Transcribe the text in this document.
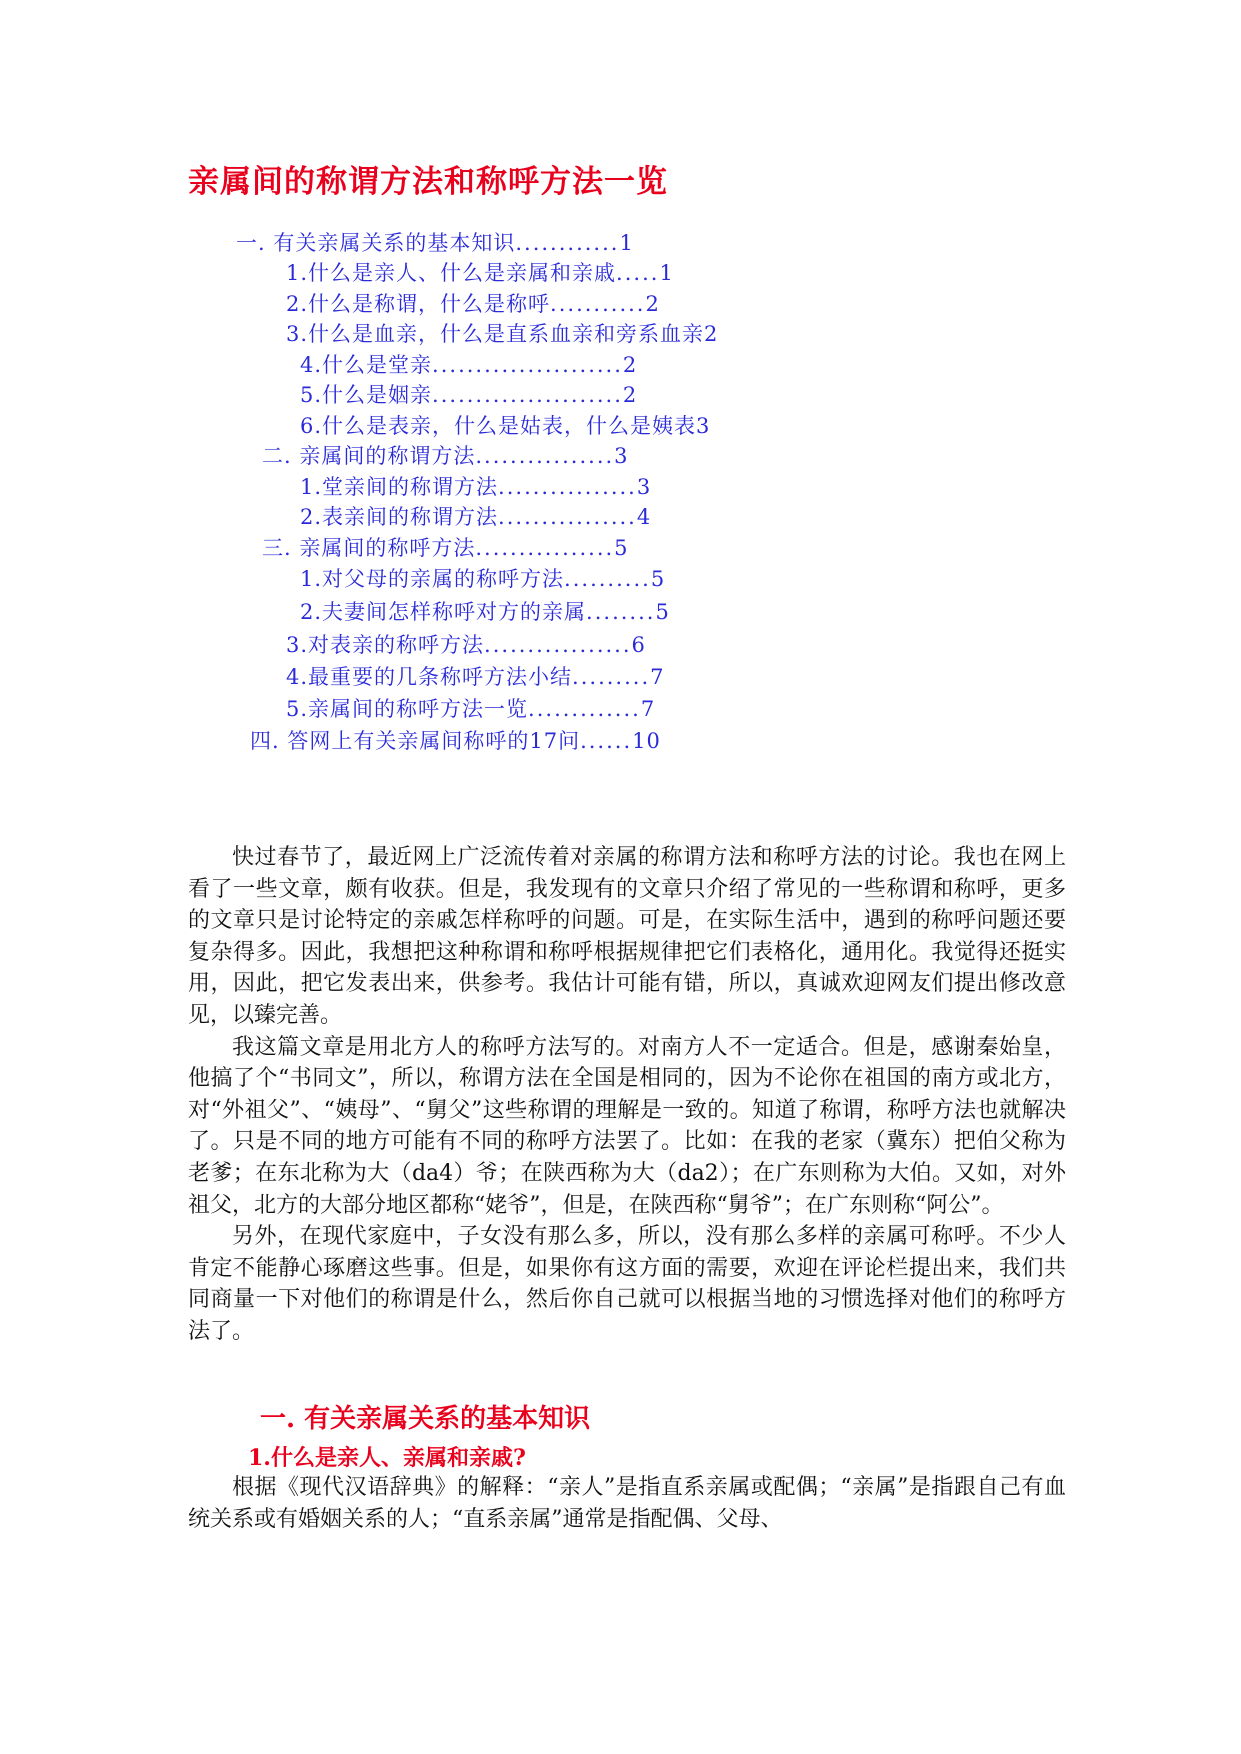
亲属间的称谓方法和称呼方法一览
一. 有关亲属关系的基本知识............1
1.什么是亲人、什么是亲属和亲戚.....1
2.什么是称谓，什么是称呼...........2
3.什么是血亲，什么是直系血亲和旁系血亲2
4.什么是堂亲......................2
5.什么是姻亲......................2
6.什么是表亲，什么是姑表，什么是姨表3
二. 亲属间的称谓方法................3
1.堂亲间的称谓方法................3
2.表亲间的称谓方法................4
三. 亲属间的称呼方法................5
1.对父母的亲属的称呼方法..........5
2.夫妻间怎样称呼对方的亲属........5
3.对表亲的称呼方法.................6
4.最重要的几条称呼方法小结.........7
5.亲属间的称呼方法一览.............7
四. 答网上有关亲属间称呼的17问......10

快过春节了，最近网上广泛流传着对亲属的称谓方法和称呼方法的讨论。我也在网上看了一些文章，颇有收获。但是，我发现有的文章只介绍了常见的一些称谓和称呼，更多的文章只是讨论特定的亲戚怎样称呼的问题。可是，在实际生活中，遇到的称呼问题还要复杂得多。因此，我想把这种称谓和称呼根据规律把它们表格化，通用化。我觉得还挺实用，因此，把它发表出来，供参考。我估计可能有错，所以，真诚欢迎网友们提出修改意见，以臻完善。

我这篇文章是用北方人的称呼方法写的。对南方人不一定适合。但是，感谢秦始皇，他搞了个“书同文”，所以，称谓方法在全国是相同的，因为不论你在祖国的南方或北方，对“外祖父”、“姨母”、“舅父”这些称谓的理解是一致的。知道了称谓，称呼方法也就解决了。只是不同的地方可能有不同的称呼方法罢了。比如：在我的老家（冀东）把伯父称为老爹；在东北称为大（da4）爷；在陕西称为大（da2）；在广东则称为大伯。又如，对外祖父，北方的大部分地区都称“姥爷”，但是，在陕西称“舅爷”；在广东则称“阿公”。

另外，在现代家庭中，子女没有那么多，所以，没有那么多样的亲属可称呼。不少人肯定不能静心琢磨这些事。但是，如果你有这方面的需要，欢迎在评论栏提出来，我们共同商量一下对他们的称谓是什么，然后你自己就可以根据当地的习惯选择对他们的称呼方法了。

一. 有关亲属关系的基本知识
1.什么是亲人、亲属和亲戚?

根据《现代汉语辞典》的解释：“亲人”是指直系亲属或配偶；“亲属”是指跟自己有血统关系或有婚姻关系的人；“直系亲属”通常是指配偶、父母、
